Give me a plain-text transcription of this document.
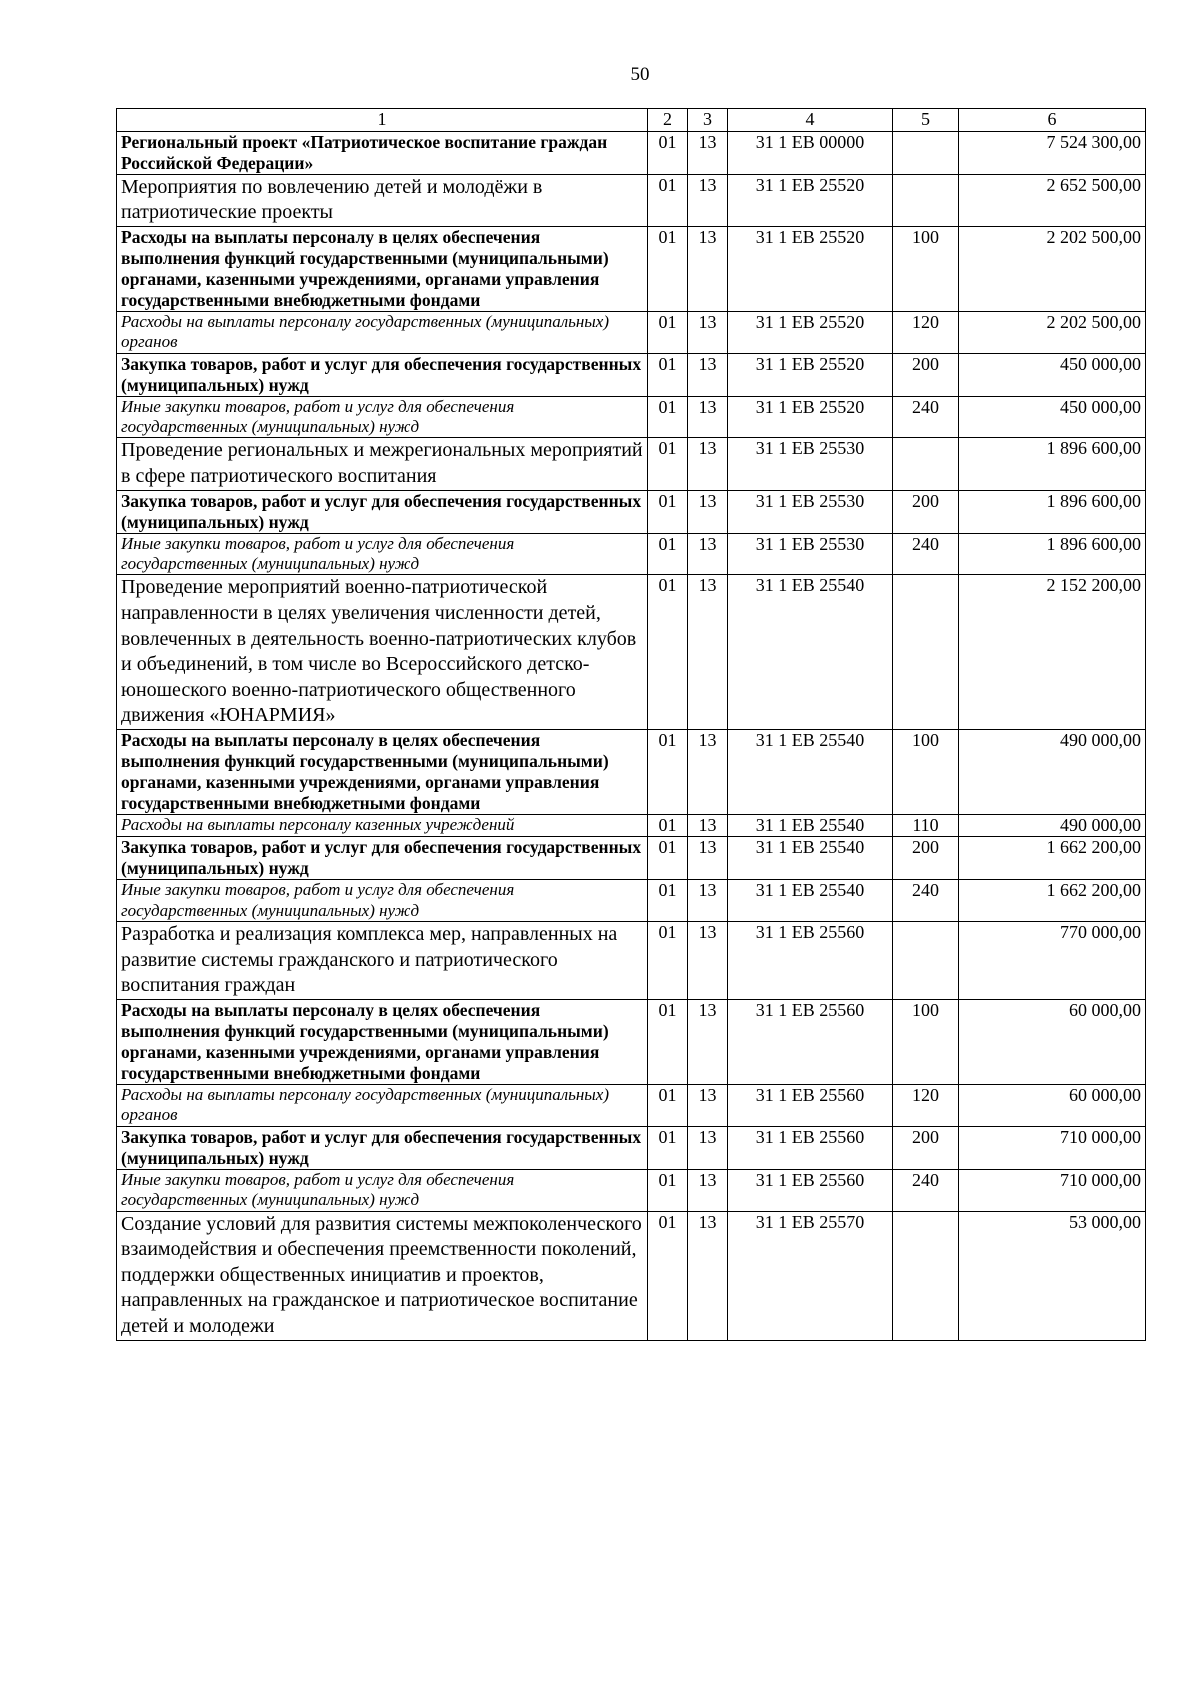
50
1	2	3	4	5	6
Региональный проект «Патриотическое воспитание граждан Российской Федерации»	01	13	31 1 EB 00000		7 524 300,00
Мероприятия по вовлечению детей и молодёжи в патриотические проекты	01	13	31 1 EB 25520		2 652 500,00
Расходы на выплаты персоналу в целях обеспечения выполнения функций государственными (муниципальными) органами, казенными учреждениями, органами управления государственными внебюджетными фондами	01	13	31 1 EB 25520	100	2 202 500,00
Расходы на выплаты персоналу государственных (муниципальных) органов	01	13	31 1 EB 25520	120	2 202 500,00
Закупка товаров, работ и услуг для обеспечения государственных (муниципальных) нужд	01	13	31 1 EB 25520	200	450 000,00
Иные закупки товаров, работ и услуг для обеспечения государственных (муниципальных) нужд	01	13	31 1 EB 25520	240	450 000,00
Проведение региональных и межрегиональных мероприятий в сфере патриотического воспитания	01	13	31 1 EB 25530		1 896 600,00
Закупка товаров, работ и услуг для обеспечения государственных (муниципальных) нужд	01	13	31 1 EB 25530	200	1 896 600,00
Иные закупки товаров, работ и услуг для обеспечения государственных (муниципальных) нужд	01	13	31 1 EB 25530	240	1 896 600,00
Проведение мероприятий военно-патриотической направленности в целях увеличения численности детей, вовлеченных в деятельность военно-патриотических клубов и объединений, в том числе во Всероссийского детско-юношеского военно-патриотического общественного движения «ЮНАРМИЯ»	01	13	31 1 EB 25540		2 152 200,00
Расходы на выплаты персоналу в целях обеспечения выполнения функций государственными (муниципальными) органами, казенными учреждениями, органами управления государственными внебюджетными фондами	01	13	31 1 EB 25540	100	490 000,00
Расходы на выплаты персоналу казенных учреждений	01	13	31 1 EB 25540	110	490 000,00
Закупка товаров, работ и услуг для обеспечения государственных (муниципальных) нужд	01	13	31 1 EB 25540	200	1 662 200,00
Иные закупки товаров, работ и услуг для обеспечения государственных (муниципальных) нужд	01	13	31 1 EB 25540	240	1 662 200,00
Разработка и реализация комплекса мер, направленных на развитие системы гражданского и патриотического воспитания граждан	01	13	31 1 EB 25560		770 000,00
Расходы на выплаты персоналу в целях обеспечения выполнения функций государственными (муниципальными) органами, казенными учреждениями, органами управления государственными внебюджетными фондами	01	13	31 1 EB 25560	100	60 000,00
Расходы на выплаты персоналу государственных (муниципальных) органов	01	13	31 1 EB 25560	120	60 000,00
Закупка товаров, работ и услуг для обеспечения государственных (муниципальных) нужд	01	13	31 1 EB 25560	200	710 000,00
Иные закупки товаров, работ и услуг для обеспечения государственных (муниципальных) нужд	01	13	31 1 EB 25560	240	710 000,00
Создание условий для развития системы межпоколенческого взаимодействия и обеспечения преемственности поколений, поддержки общественных инициатив и проектов, направленных на гражданское и патриотическое воспитание детей и молодежи	01	13	31 1 EB 25570		53 000,00
